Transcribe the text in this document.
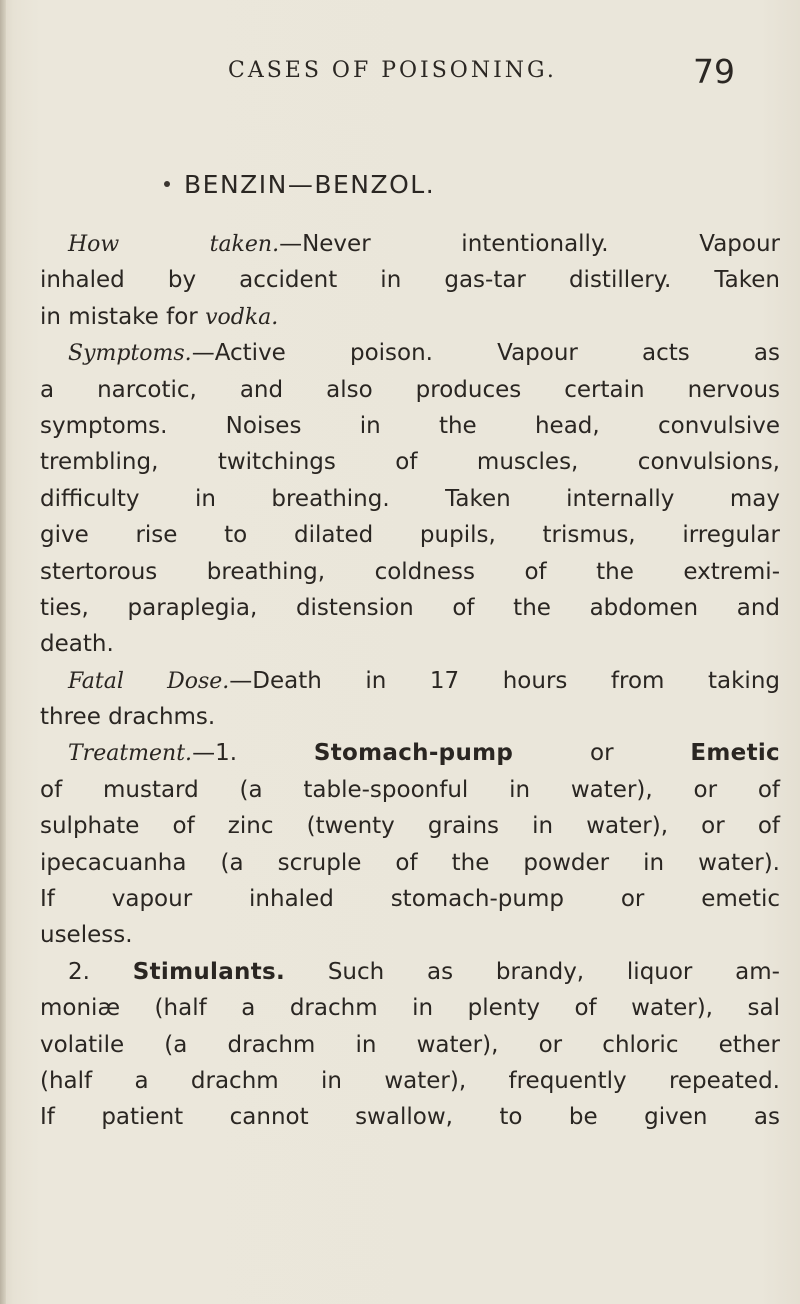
CASES OF POISONING.	79
BENZIN—BENZOL.
How taken.—Never intentionally. Vapour
inhaled by accident in gas-tar distillery. Taken
in mistake for vodka.
Symptoms.—Active poison. Vapour acts as
a narcotic, and also produces certain nervous
symptoms. Noises in the head, convulsive
trembling, twitchings of muscles, convulsions,
difficulty in breathing. Taken internally may
give rise to dilated pupils, trismus, irregular
stertorous breathing, coldness of the extremi-
ties, paraplegia, distension of the abdomen and
death.
Fatal Dose.—Death in 17 hours from taking
three drachms.
Treatment.—1. Stomach-pump or Emetic
of mustard (a table-spoonful in water), or of
sulphate of zinc (twenty grains in water), or of
ipecacuanha (a scruple of the powder in water).
If vapour inhaled stomach-pump or emetic
useless.
2. Stimulants. Such as brandy, liquor am-
moniæ (half a drachm in plenty of water), sal
volatile (a drachm in water), or chloric ether
(half a drachm in water), frequently repeated.
If patient cannot swallow, to be given as
